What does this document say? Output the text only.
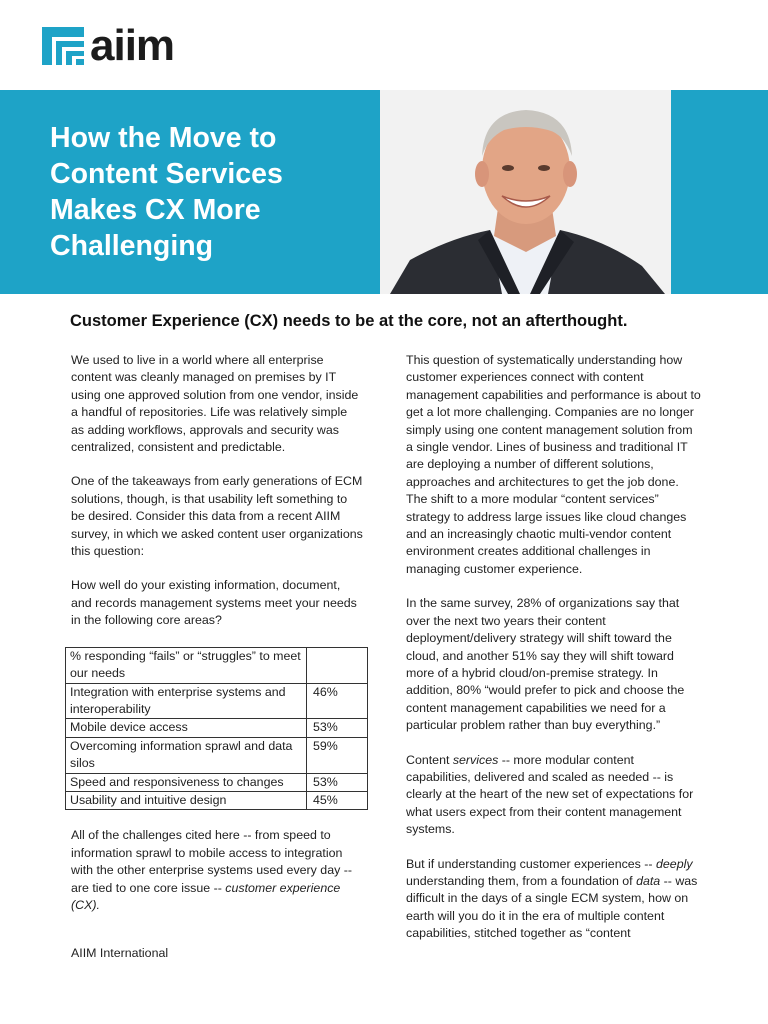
aiim
How the Move to
Content Services
Makes CX More
Challenging
Customer Experience (CX) needs to be at the core, not an afterthought.

We used to live in a world where all enterprise content was cleanly managed on premises by IT using one approved solution from one vendor, inside a handful of repositories. Life was relatively simple as adding workflows, approvals and security was centralized, consistent and predictable.

One of the takeaways from early generations of ECM solutions, though, is that usability left something to be desired. Consider this data from a recent AIIM survey, in which we asked content user organizations this question:

How well do your existing information, document, and records management systems meet your needs in the following core areas?

% responding “fails” or “struggles” to meet our needs	
Integration with enterprise systems and interoperability	46%
Mobile device access	53%
Overcoming information sprawl and data silos	59%
Speed and responsiveness to changes	53%
Usability and intuitive design	45%

All of the challenges cited here -- from speed to information sprawl to mobile access to integration with the other enterprise systems used every day -- are tied to one core issue -- customer experience (CX).

This question of systematically understanding how customer experiences connect with content management capabilities and performance is about to get a lot more challenging. Companies are no longer simply using one content management solution from a single vendor. Lines of business and traditional IT are deploying a number of different solutions, approaches and architectures to get the job done. The shift to a more modular “content services” strategy to address large issues like cloud changes and an increasingly chaotic multi-vendor content environment creates additional challenges in managing customer experience.

In the same survey, 28% of organizations say that over the next two years their content deployment/delivery strategy will shift toward the cloud, and another 51% say they will shift toward more of a hybrid cloud/on-premise strategy. In addition, 80% “would prefer to pick and choose the content management capabilities we need for a particular problem rather than buy everything.”

Content services -- more modular content capabilities, delivered and scaled as needed -- is clearly at the heart of the new set of expectations for what users expect from their content management systems.

But if understanding customer experiences -- deeply understanding them, from a foundation of data -- was difficult in the days of a single ECM system, how on earth will you do it in the era of multiple content capabilities, stitched together as “content

AIIM International
